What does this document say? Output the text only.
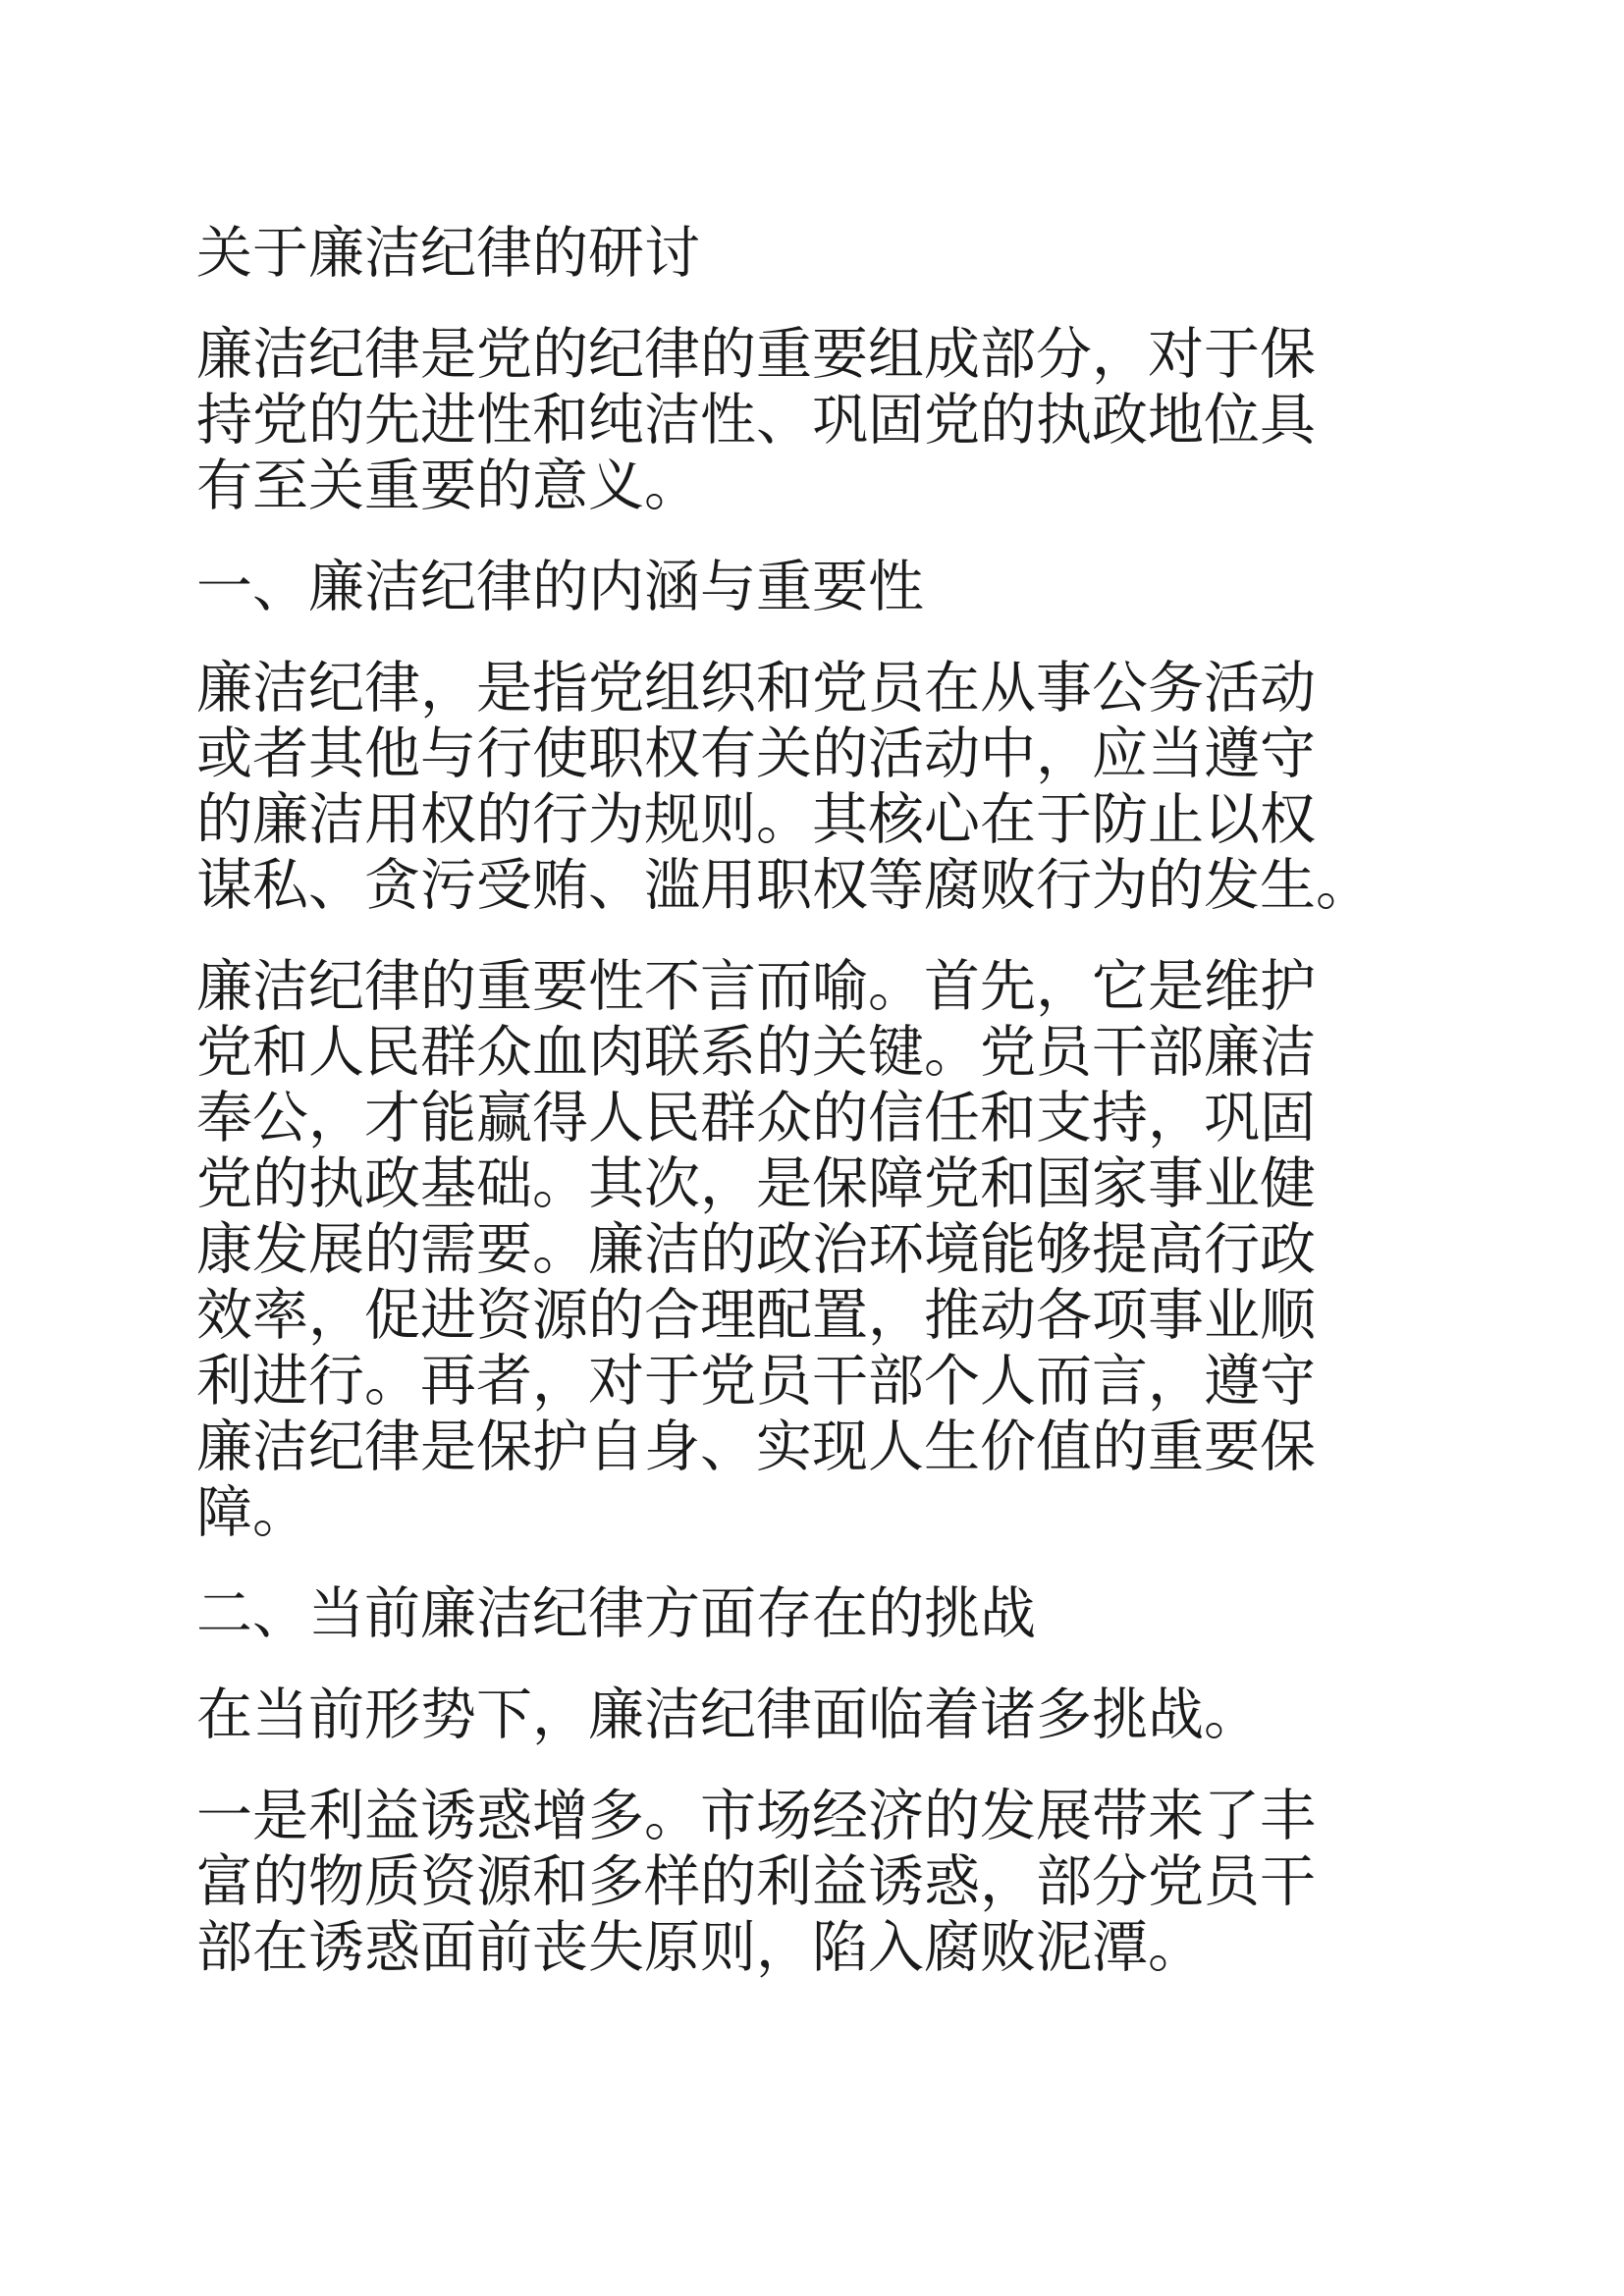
关于廉洁纪律的研讨
廉洁纪律是党的纪律的重要组成部分，对于保
持党的先进性和纯洁性、巩固党的执政地位具
有至关重要的意义。
一、廉洁纪律的内涵与重要性
廉洁纪律，是指党组织和党员在从事公务活动
或者其他与行使职权有关的活动中，应当遵守
的廉洁用权的行为规则。其核心在于防止以权
谋私、贪污受贿、滥用职权等腐败行为的发生。
廉洁纪律的重要性不言而喻。首先，它是维护
党和人民群众血肉联系的关键。党员干部廉洁
奉公，才能赢得人民群众的信任和支持，巩固
党的执政基础。其次，是保障党和国家事业健
康发展的需要。廉洁的政治环境能够提高行政
效率，促进资源的合理配置，推动各项事业顺
利进行。再者，对于党员干部个人而言，遵守
廉洁纪律是保护自身、实现人生价值的重要保
障。
二、当前廉洁纪律方面存在的挑战
在当前形势下，廉洁纪律面临着诸多挑战。
一是利益诱惑增多。市场经济的发展带来了丰
富的物质资源和多样的利益诱惑，部分党员干
部在诱惑面前丧失原则，陷入腐败泥潭。
